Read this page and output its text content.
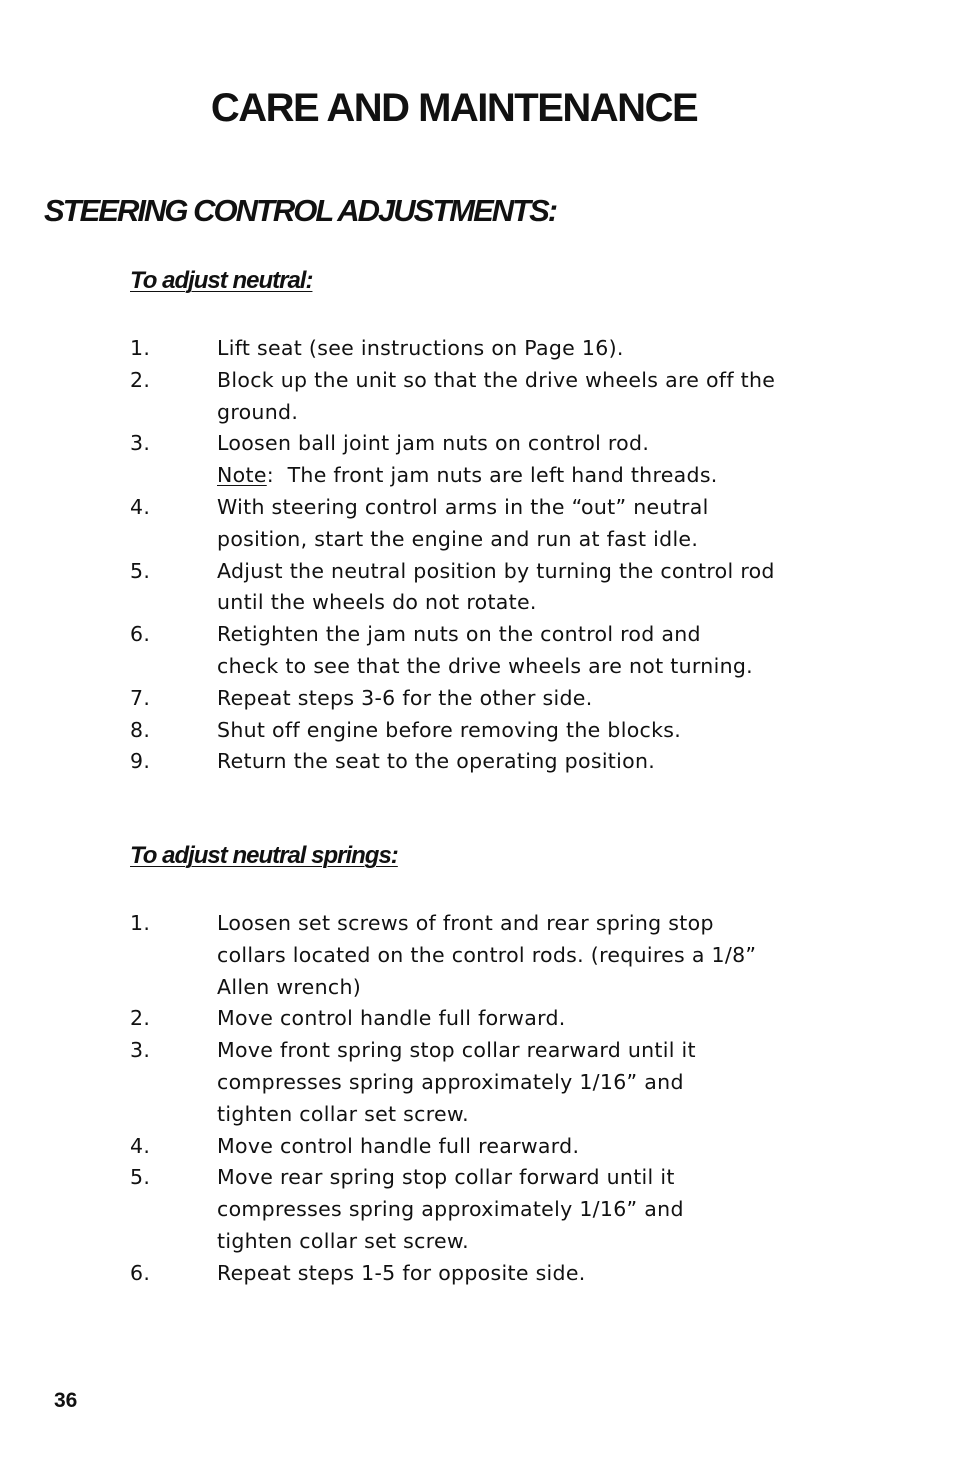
CARE AND MAINTENANCE
STEERING CONTROL ADJUSTMENTS:
To adjust neutral:
1.	Lift seat (see instructions on Page 16).
2.	Block up the unit so that the drive wheels are off the ground.
3.	Loosen ball joint jam nuts on control rod.
Note:  The front jam nuts are left hand threads.
4.	With steering control arms in the “out” neutral position, start the engine and run at fast idle.
5.	Adjust the neutral position by turning the control rod until the wheels do not rotate.
6.	Retighten the jam nuts on the control rod and check to see that the drive wheels are not turning.
7.	Repeat steps 3-6 for the other side.
8.	Shut off engine before removing the blocks.
9.	Return the seat to the operating position.
To adjust neutral springs:
1.	Loosen set screws of front and rear spring stop collars located on the control rods. (requires a 1/8” Allen wrench)
2.	Move control handle full forward.
3.	Move front spring stop collar rearward until it compresses spring approximately 1/16” and tighten collar set screw.
4.	Move control handle full rearward.
5.	Move rear spring stop collar forward until it compresses spring approximately 1/16” and tighten collar set screw.
6.	Repeat steps 1-5 for opposite side.
36
